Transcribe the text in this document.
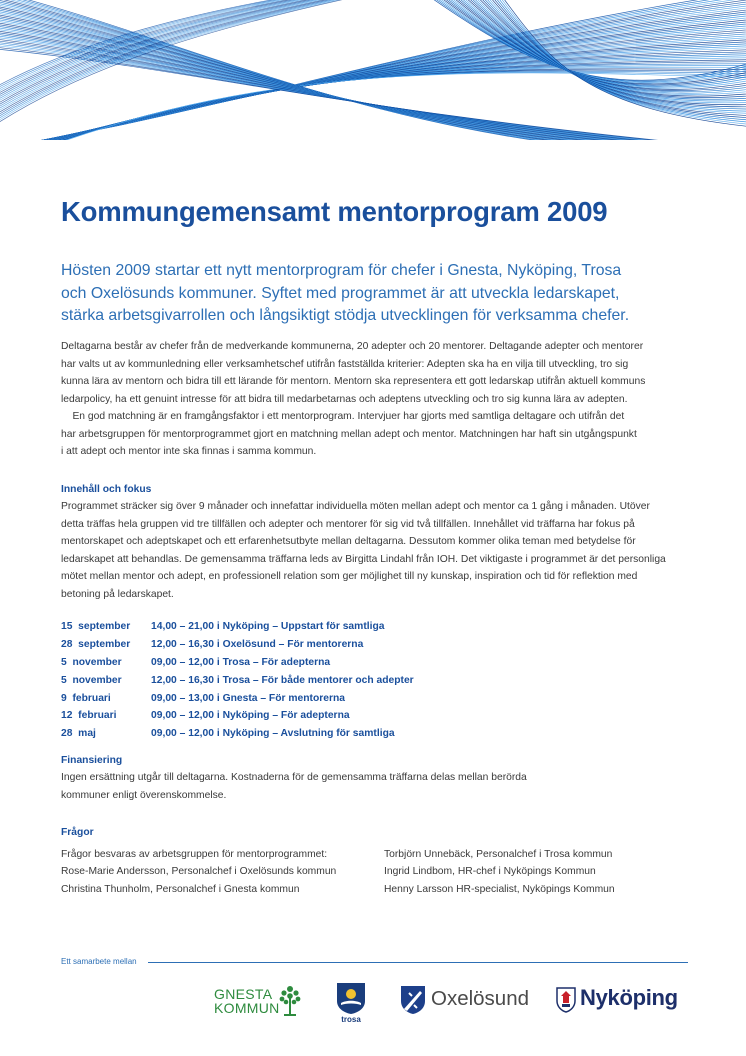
Kommungemensamt mentorprogram 2009
Hösten 2009 startar ett nytt mentorprogram för chefer i Gnesta, Nyköping, Trosa
och Oxelösunds kommuner. Syftet med programmet är att utveckla ledarskapet,
stärka arbetsgivarrollen och långsiktigt stödja utvecklingen för verksamma chefer.
Deltagarna består av chefer från de medverkande kommunerna, 20 adepter och 20 mentorer. Deltagande adepter och mentorer
har valts ut av kommunledning eller verksamhetschef utifrån fastställda kriterier: Adepten ska ha en vilja till utveckling, tro sig
kunna lära av mentorn och bidra till ett lärande för mentorn. Mentorn ska representera ett gott ledarskap utifrån aktuell kommuns
ledarpolicy, ha ett genuint intresse för att bidra till medarbetarnas och adeptens utveckling och tro sig kunna lära av adepten.
En god matchning är en framgångsfaktor i ett mentorprogram. Intervjuer har gjorts med samtliga deltagare och utifrån det
har arbetsgruppen för mentorprogrammet gjort en matchning mellan adept och mentor. Matchningen har haft sin utgångspunkt
i att adept och mentor inte ska finnas i samma kommun.
Innehåll och fokus
Programmet sträcker sig över 9 månader och innefattar individuella möten mellan adept och mentor ca 1 gång i månaden. Utöver
detta träffas hela gruppen vid tre tillfällen och adepter och mentorer för sig vid två tillfällen. Innehållet vid träffarna har fokus på
mentorskapet och adeptskapet och ett erfarenhetsutbyte mellan deltagarna. Dessutom kommer olika teman med betydelse för
ledarskapet att behandlas. De gemensamma träffarna leds av Birgitta Lindahl från IOH. Det viktigaste i programmet är det personliga
mötet mellan mentor och adept, en professionell relation som ger möjlighet till ny kunskap, inspiration och tid för reflektion med
betoning på ledarskapet.
15  september 14,00 – 21,00 i Nyköping – Uppstart för samtliga
28  september 12,00 – 16,30 i Oxelösund – För mentorerna
5  november	09,00 – 12,00 i Trosa – För adepterna
5  november	12,00 – 16,30 i Trosa – För både mentorer och adepter
9  februari	09,00 – 13,00 i Gnesta – För mentorerna
12  februari	09,00 – 12,00 i Nyköping – För adepterna
28  maj	09,00 – 12,00 i Nyköping – Avslutning för samtliga
Finansiering
Ingen ersättning utgår till deltagarna. Kostnaderna för de gemensamma träffarna delas mellan berörda
kommuner enligt överenskommelse.
Frågor
Frågor besvaras av arbetsgruppen för mentorprogrammet:
Rose-Marie Andersson, Personalchef i Oxelösunds kommun
Christina Thunholm, Personalchef i Gnesta kommun
Torbjörn Unnebäck, Personalchef i Trosa kommun
Ingrid Lindbom, HR-chef i Nyköpings Kommun
Henny Larsson HR-specialist, Nyköpings Kommun
Ett samarbete mellan
GNESTA
KOMMUN
trosa
Oxelösund Nyköping
